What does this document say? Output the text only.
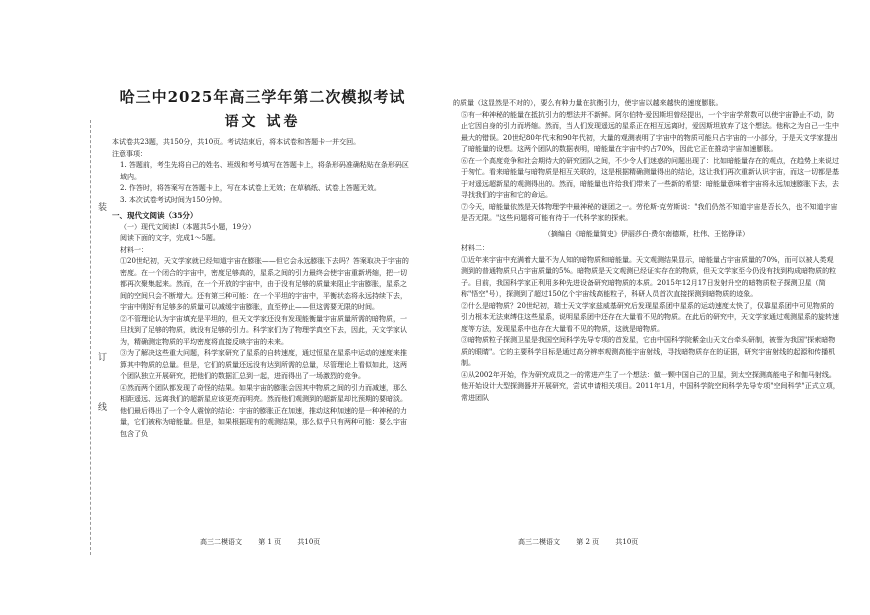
装
订
线
哈三中2025年高三学年第二次模拟考试
语文 试卷

本试卷共23题，共150分，共10页。考试结束后，将本试卷和答题卡一并交回。

注意事项：

1. 答题前，考生先将自己的姓名、班级和考号填写在答题卡上，将条形码准确粘贴在条形码区域内。

2. 作答时，将答案写在答题卡上，写在本试卷上无效；在草稿纸、试卷上答题无效。

3. 本次试卷考试时间为150分钟。

一、现代文阅读（35分）

（一）现代文阅读Ⅰ（本题共5小题，19分）

阅读下面的文字，完成1～5题。

材料一：

①20世纪初，天文学家就已经知道宇宙在膨胀——但它会永远膨胀下去吗？答案取决于宇宙的密度。在一个闭合的宇宙中，密度足够高的，星系之间的引力最终会使宇宙重新坍缩，把一切都再次聚集起来。然而，在一个开放的宇宙中，由于没有足够的质量来阻止宇宙膨胀，星系之间的空间只会不断增大。还有第三种可能：在一个平坦的宇宙中，平衡状态将永远持续下去，宇宙中刚好有足够多的质量可以减缓宇宙膨胀，直至停止——但这需要无限的时间。

②不管理论认为宇宙填充是平坦的，但天文学家还没有发现能衡量宇宙质量所需的暗物质，一旦找到了足够的物质，就没有足够的引力。科学家们为了物理学真空下去，因此，天文学家认为，精确测定物质的平均密度将直接反映宇宙的未来。

③为了解决这些重大问题，科学家研究了星系的自转速度，通过恒星在星系中运动的速度来推算其中物质的总量。但是，它们的质量还远没有达到所需的总量，尽管理论上看似如此，这两个团队独立开展研究，把他们的数据汇总到一起，进而得出了一场激烈的竞争。

④然而两个团队都发现了奇怪的结果。如果宇宙的膨胀会因其中物质之间的引力而减速，那么相距遥远、远离我们的超新星应该更亮而明亮。然而他们观测到的超新星却比预期的要暗淡。他们最后得出了一个令人震惊的结论：宇宙的膨胀正在加速，推动这种加速的是一种神秘的力量，它们被称为暗能量。但是，如果根据现有的观测结果，那么似乎只有两种可能：要么宇宙包含了负

高三二模语文 第 1 页 共10页

的质量（这显然是不对的），要么有种力量在抗衡引力，使宇宙以越来越快的速度膨胀。

⑤有一种神秘的能量在抵抗引力的想法并不新鲜。阿尔伯特·爱因斯坦曾经提出，一个宇宙学常数可以使宇宙静止不动，防止它因自身的引力而坍缩。然而，当人们发现遥远的星系正在相互远离时，爱因斯坦放弃了这个想法。他称之为自己一生中最大的错误。20世纪80年代末和90年代初，大量的观测表明了宇宙中的物质可能只占宇宙的一小部分，于是天文学家提出了暗能量的设想。这两个团队的数据表明，暗能量在宇宙中约占70%，因此它正在推动宇宙加速膨胀。

⑥在一个高度竞争和社会期待大的研究团队之间，不少令人们迷惑的问题出现了：比如暗能量存在的观点，在趋势上来说过于匆忙。看来暗能量与暗物质是相互关联的，这是根据精确测量得出的结论，这让我们再次重新认识宇宙，而这一切都是基于对遥远超新星的观测得出的。然而，暗能量也许给我们带来了一些新的希望：暗能量意味着宇宙将永远加速膨胀下去，去寻找我们的宇宙和它的命运。

⑦今天，暗能量依然是天体物理学中最神秘的谜团之一。劳伦斯·克劳斯说："我们仍然不知道宇宙是否长久，也不知道宇宙是否无限。"这些问题将可能有待于一代科学家的探索。

（摘编自《暗能量简史》伊丽莎白·费尔南德斯，杜伟、王铭铮译）

材料二：

①近年来宇宙中充满着大量不为人知的暗物质和暗能量。天文观测结果显示，暗能量占宇宙质量的70%，而可以被人类观测到的普通物质只占宇宙质量的5%。暗物质是天文观测已经证实存在的物质，但天文学家至今仍没有找到构成暗物质的粒子。目前，我国科学家正利用多种先进设备研究暗物质的本质。2015年12月17日发射升空的暗物质粒子探测卫星（简称"悟空"号），探测到了超过150亿个宇宙线高能粒子，科研人员首次直接探测到暗物质的迹象。

②什么是暗物质？20世纪初，瑞士天文学家兹威基研究后发现星系团中星系的运动速度太快了，仅靠星系团中可见物质的引力根本无法束缚住这些星系，说明星系团中还存在大量看不见的物质。在此后的研究中，天文学家通过观测星系的旋转速度等方法，发现星系中也存在大量看不见的物质，这就是暗物质。

③暗物质粒子探测卫星是我国空间科学先导专项的首发星，它由中国科学院紫金山天文台牵头研制，被誉为我国"探索暗物质的眼睛"。它的主要科学目标是通过高分辨率观测高能宇宙射线，寻找暗物质存在的证据，研究宇宙射线的起源和传播机制。

④从2002年开始，作为研究成员之一的常进产生了一个想法：做一颗中国自己的卫星，到太空探测高能电子和伽马射线。他开始设计大型探测器并开展研究，尝试申请相关项目。2011年1月，中国科学院空间科学先导专项"空间科学"正式立项，常进团队

高三二模语文 第 2 页 共10页
